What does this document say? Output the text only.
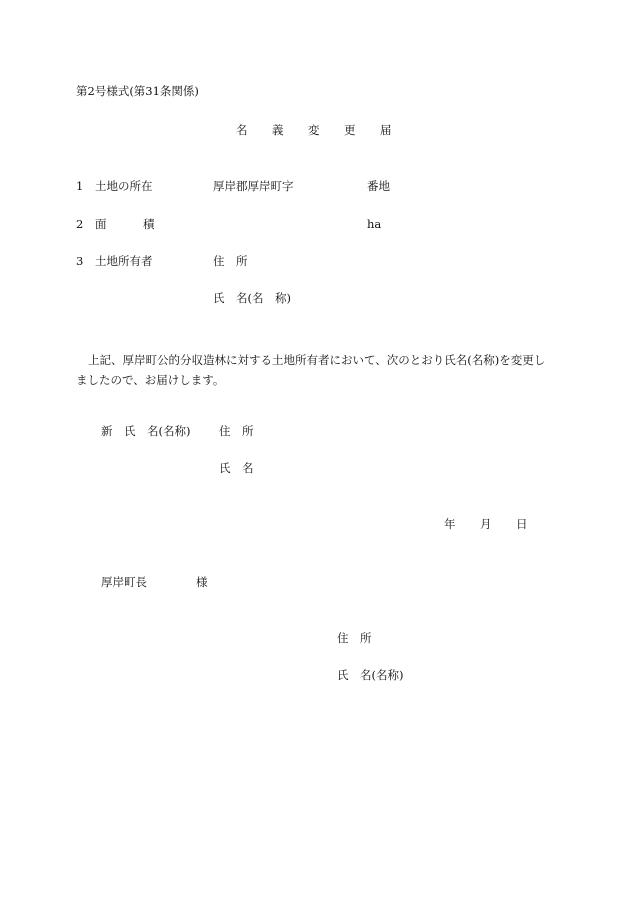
第2号様式(第31条関係)
名 義 変 更 届
1 土地の所在	厚岸郡厚岸町字	番地
2 面	積	ha
3 土地所有者	住　所
氏　名(名　称)
上記、厚岸町公的分収造林に対する土地所有者において、次のとおり氏名(名称)を変更しましたので、お届けします。
新　氏　名(名称) 住　所
氏　名
年 月 日
厚岸町長	様
住　所
氏　名(名称)
